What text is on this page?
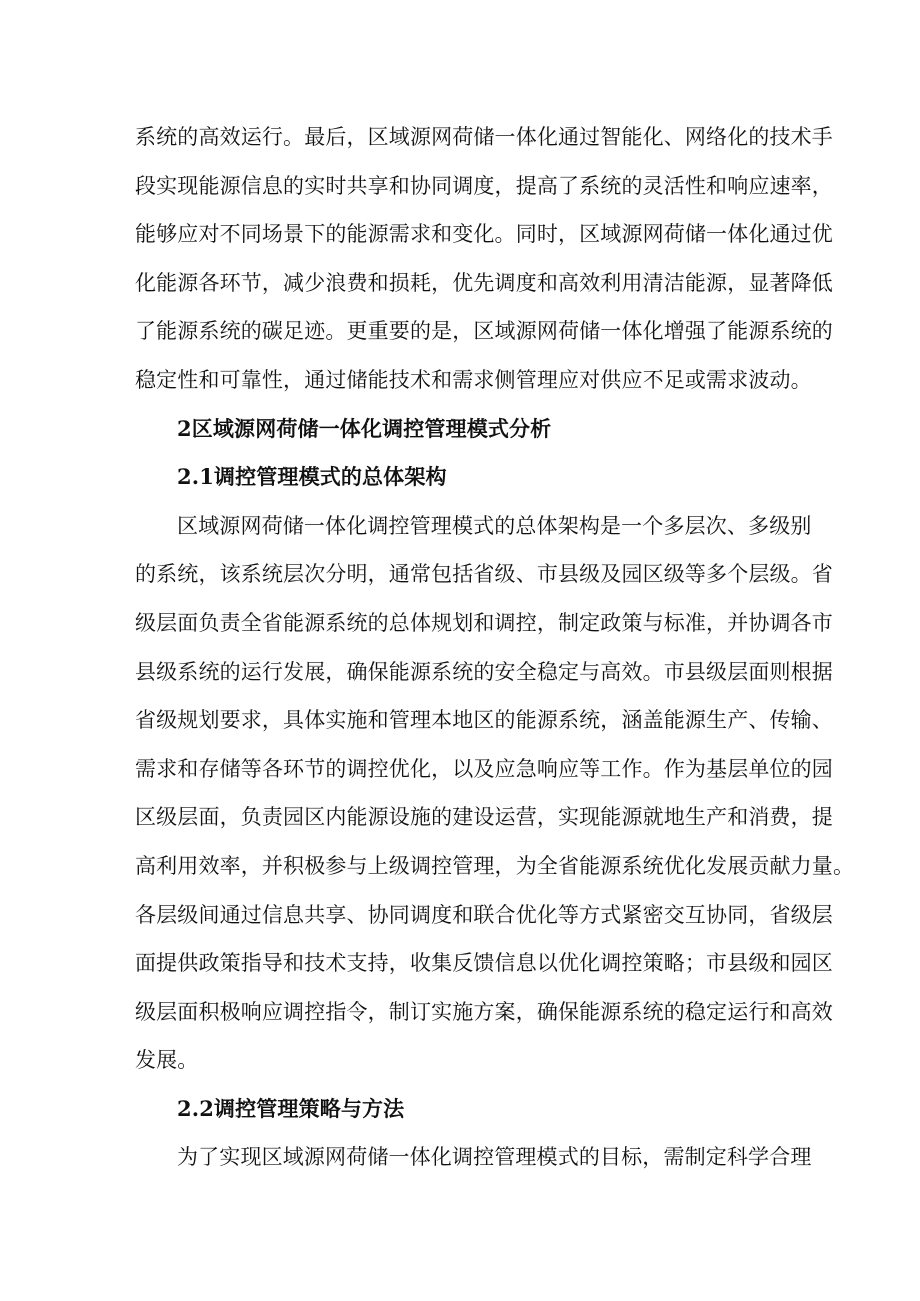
系统的高效运行。最后，区域源网荷储一体化通过智能化、网络化的技术手
段实现能源信息的实时共享和协同调度，提高了系统的灵活性和响应速率，
能够应对不同场景下的能源需求和变化。同时，区域源网荷储一体化通过优
化能源各环节，减少浪费和损耗，优先调度和高效利用清洁能源，显著降低
了能源系统的碳足迹。更重要的是，区域源网荷储一体化增强了能源系统的
稳定性和可靠性，通过储能技术和需求侧管理应对供应不足或需求波动。
2区域源网荷储一体化调控管理模式分析
2.1调控管理模式的总体架构
区域源网荷储一体化调控管理模式的总体架构是一个多层次、多级别
的系统，该系统层次分明，通常包括省级、市县级及园区级等多个层级。省
级层面负责全省能源系统的总体规划和调控，制定政策与标准，并协调各市
县级系统的运行发展，确保能源系统的安全稳定与高效。市县级层面则根据
省级规划要求，具体实施和管理本地区的能源系统，涵盖能源生产、传输、
需求和存储等各环节的调控优化，以及应急响应等工作。作为基层单位的园
区级层面，负责园区内能源设施的建设运营，实现能源就地生产和消费，提
高利用效率，并积极参与上级调控管理，为全省能源系统优化发展贡献力量。
各层级间通过信息共享、协同调度和联合优化等方式紧密交互协同，省级层
面提供政策指导和技术支持，收集反馈信息以优化调控策略；市县级和园区
级层面积极响应调控指令，制订实施方案，确保能源系统的稳定运行和高效
发展。
2.2调控管理策略与方法
为了实现区域源网荷储一体化调控管理模式的目标，需制定科学合理
